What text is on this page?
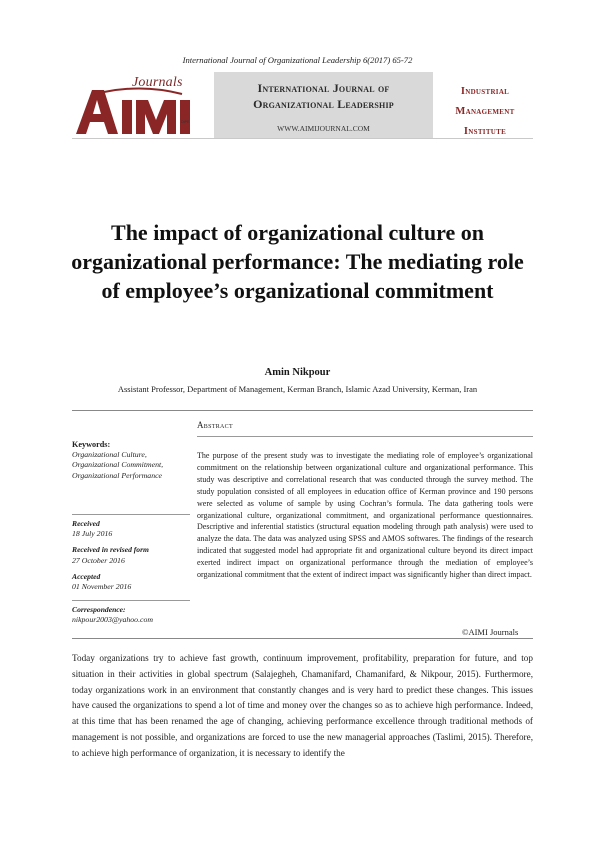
International Journal of Organizational Leadership 6(2017) 65-72
Journals
DIPE
International Journal of
Organizational Leadership
WWW.AIMIJOURNAL.COM
Industrial
Management
Institute
The impact of organizational culture on organizational performance: The mediating role of employee’s organizational commitment
Amin Nikpour
Assistant Professor, Department of Management, Kerman Branch, Islamic Azad University, Kerman, Iran
Keywords:
Organizational Culture, Organizational Commitment, Organizational Performance
Received
18 July 2016
Received in revised form
27 October 2016
Accepted
01 November 2016
Correspondence:
nikpour2003@yahoo.com
Abstract

The purpose of the present study was to investigate the mediating role of employee’s organizational commitment on the relationship between organizational culture and organizational performance. This study was descriptive and correlational research that was conducted through the survey method. The study population consisted of all employees in education office of Kerman province and 190 persons were selected as volume of sample by using Cochran’s formula. The data gathering tools were organizational culture, organizational commitment, and organizational performance questionnaires. Descriptive and inferential statistics (structural equation modeling through path analysis) were used to analyze the data. The data was analyzed using SPSS and AMOS softwares. The findings of the research indicated that suggested model had appropriate fit and organizational culture beyond its direct impact exerted indirect impact on organizational performance through the mediation of employee’s organizational commitment that the extent of indirect impact was significantly higher than direct impact.

©AIMI Journals

Today organizations try to achieve fast growth, continuum improvement, profitability, preparation for future, and top situation in their activities in global spectrum (Salajegheh, Chamanifard, Chamanifard, & Nikpour, 2015). Furthermore, today organizations work in an environment that constantly changes and is very hard to predict these changes. This issues have caused the organizations to spend a lot of time and money over the changes so as to achieve high performance. Indeed, at this time that has been renamed the age of changing, achieving performance excellence through traditional methods of management is not possible, and organizations are forced to use the new managerial approaches (Taslimi, 2015). Therefore, to achieve high performance of organization, it is necessary to identify the
